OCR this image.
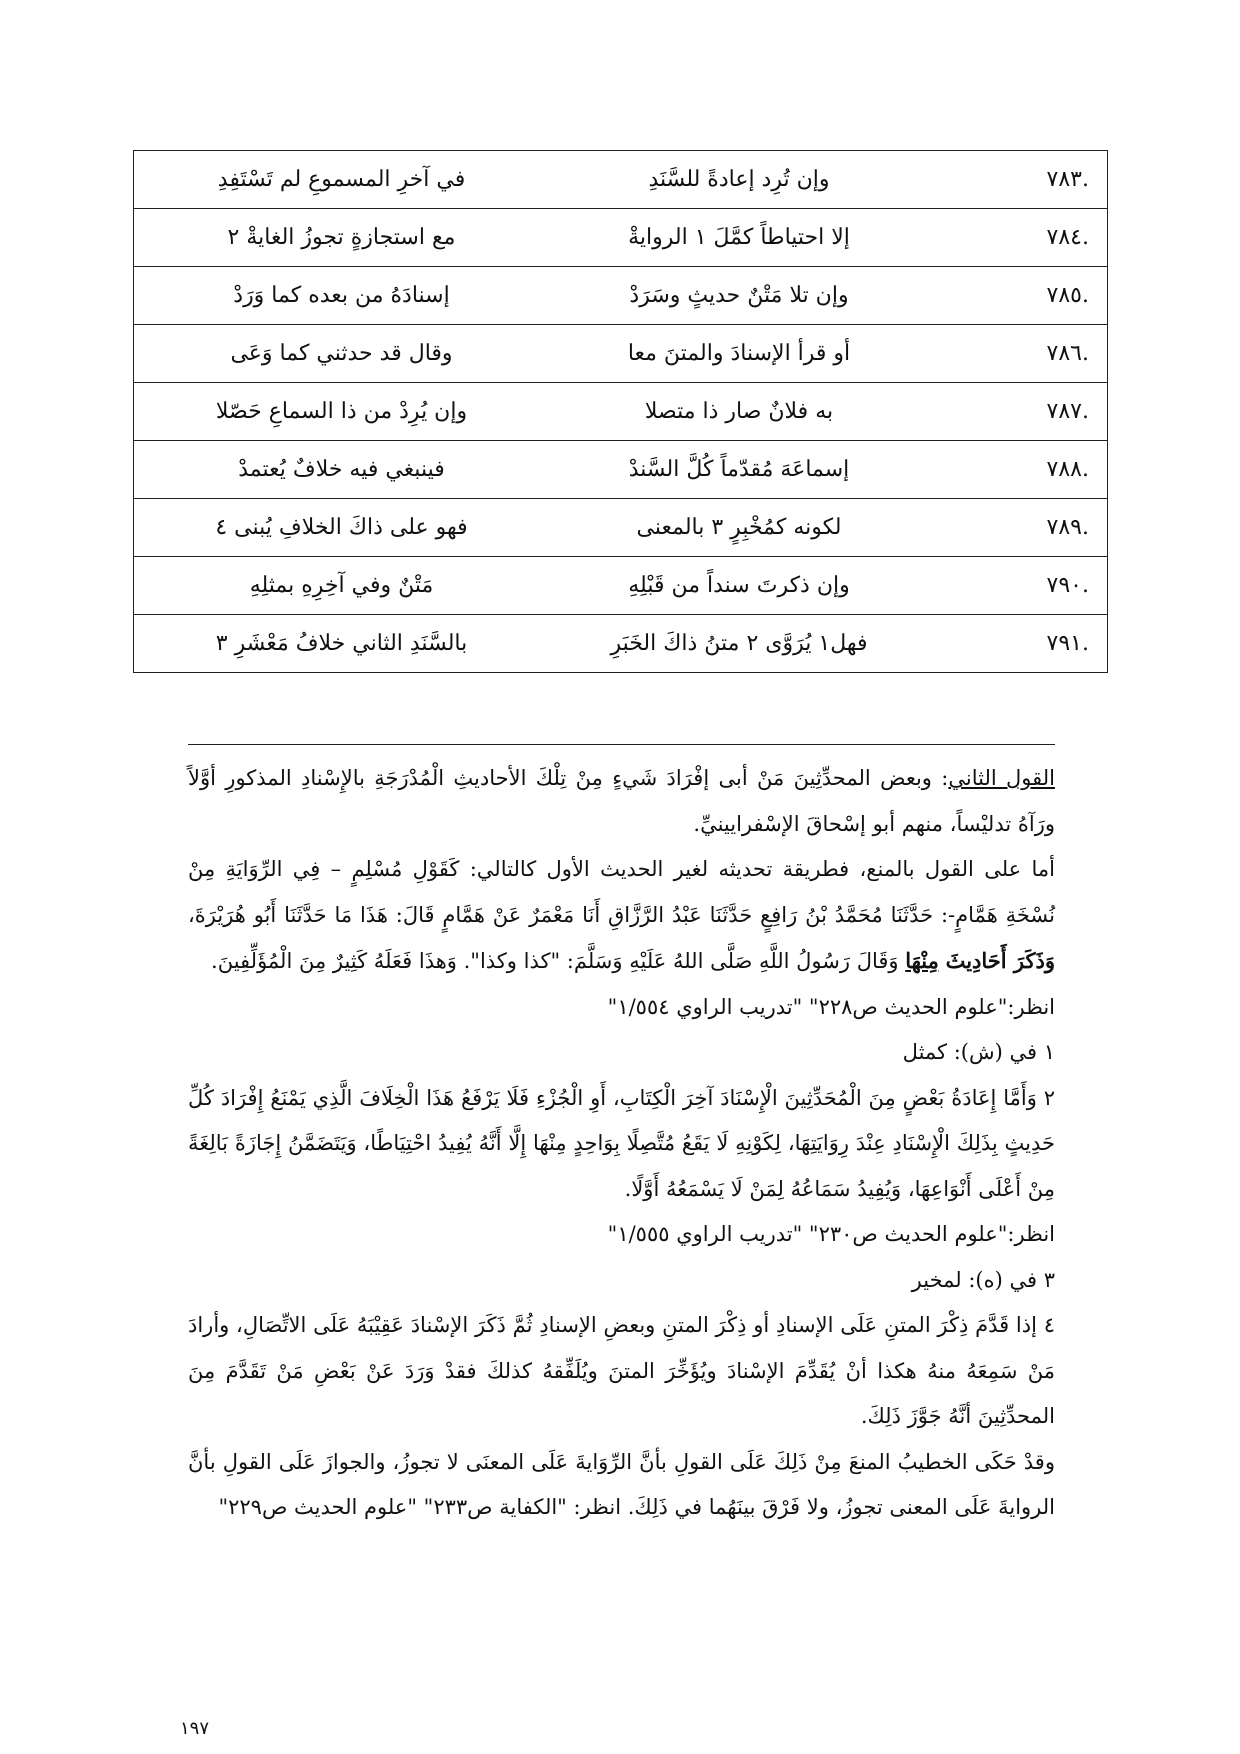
.٧٨٣	وإن تُرِد إعادةً للسَّنَدِ	في آخرِ المسموعِ لم تَسْتَفِدِ
.٧٨٤	إلا احتياطاً كمَّلَ ١ الروايةْ	مع استجازةٍ تجوزُ الغايةْ ٢
.٧٨٥	وإن تلا مَتْنٌ حديثٍ وسَرَدْ	إسنادَهُ من بعده كما وَرَدْ
.٧٨٦	أو قرأ الإسنادَ والمتنَ معا	وقال قد حدثني كما وَعَى
.٧٨٧	به فلانٌ صار ذا متصلا	وإن يُرِدْ من ذا السماعِ حَصّلا
.٧٨٨	إسماعَهَ مُقدّماً كُلَّ السَّندْ	فينبغي فيه خلافٌ يُعتمدْ
.٧٨٩	لكونه كمُخْبِرٍ ٣ بالمعنى	فهو على ذاكَ الخلافِ يُبنى ٤
.٧٩٠	وإن ذكرتَ سنداً من قَبْلِهِ	مَتْنٌ وفي آخِرِهِ بمثلِهِ
.٧٩١	فهل١ يُرَوَّى ٢ متنُ ذاكَ الخَبَرِ	بالسَّنَدِ الثاني خلافُ مَعْشَرِ ٣

القول الثاني: وبعض المحدِّثِينَ مَنْ أبى إفْرَادَ شَيءٍ مِنْ تِلْكَ الأحاديثِ الْمُدْرَجَةِ بالإِسْنادِ المذكورِ أوَّلاً ورَآهُ تدليْساً، منهم أبو إسْحاقَ الإسْفرايينيِّ.

أما على القول بالمنع، فطريقة تحديثه لغير الحديث الأول كالتالي: كَقَوْلِ مُسْلِمٍ – فِي الرِّوَايَةِ مِنْ نُسْخَةِ هَمَّامٍ-: حَدَّثَنَا مُحَمَّدُ بْنُ رَافِعٍ حَدَّثَنَا عَبْدُ الرَّزَّاقِ أَنَا مَعْمَرٌ عَنْ هَمَّامٍ قَالَ: هَذَا مَا حَدَّثَنَا أَبُو هُرَيْرَةَ، وَذَكَرَ أَحَادِيثَ مِنْهَا وَقَالَ رَسُولُ اللَّهِ صَلَّى اللهُ عَلَيْهِ وَسَلَّمَ: "كذا وكذا". وَهذَا فَعَلَهُ كَثِيرٌ مِنَ الْمُؤَلِّفِينَ.

انظر:"علوم الحديث ص٢٢٨" "تدريب الراوي ١/٥٥٤"

١ في (ش): كمثل

٢ وَأَمَّا إِعَادَةُ بَعْضٍ مِنَ الْمُحَدِّثِينَ الْإِسْنَادَ آخِرَ الْكِتَابِ، أَوِ الْجُزْءِ فَلَا يَرْفَعُ هَذَا الْخِلَافَ الَّذِي يَمْنَعُ إِفْرَادَ كُلِّ حَدِيثٍ بِذَلِكَ الْإِسْنَادِ عِنْدَ رِوَايَتِهَا، لِكَوْنِهِ لَا يَقَعُ مُتَّصِلًا بِوَاحِدٍ مِنْهَا إِلَّا أَنَّهُ يُفِيدُ احْتِيَاطًا، وَيَتَضَمَّنُ إِجَازَةً بَالِغَةً مِنْ أَعْلَى أَنْوَاعِهَا، وَيُفِيدُ سَمَاعُهُ لِمَنْ لَا يَسْمَعُهُ أَوَّلًا.

انظر:"علوم الحديث ص٢٣٠" "تدريب الراوي ١/٥٥٥"

٣ في (ه): لمخير

٤ إذا قَدَّمَ ذِكْرَ المتنِ عَلَى الإسنادِ أو ذِكْرَ المتنِ وبعضِ الإسنادِ ثُمَّ ذَكَرَ الإسْنادَ عَقِيْبَهُ عَلَى الاتِّصَالِ، وأرادَ مَنْ سَمِعَهُ منهُ هكذا أنْ يُقَدِّمَ الإسْنادَ ويُؤَخِّرَ المتنَ ويُلَفِّقهُ كذلكَ فقدْ وَرَدَ عَنْ بَعْضِ مَنْ تَقَدَّمَ مِنَ المحدِّثِينَ أنَّهُ جَوَّزَ ذَلِكَ.

وقدْ حَكَى الخطيبُ المنعَ مِنْ ذَلِكَ عَلَى القولِ بأنَّ الرِّوَايةَ عَلَى المعنَى لا تجوزُ، والجوازَ عَلَى القولِ بأنَّ الروايةَ عَلَى المعنى تجوزُ، ولا فَرْقَ بينَهُما في ذَلِكَ. انظر: "الكفاية ص٢٣٣" "علوم الحديث ص٢٢٩"

١٩٧
